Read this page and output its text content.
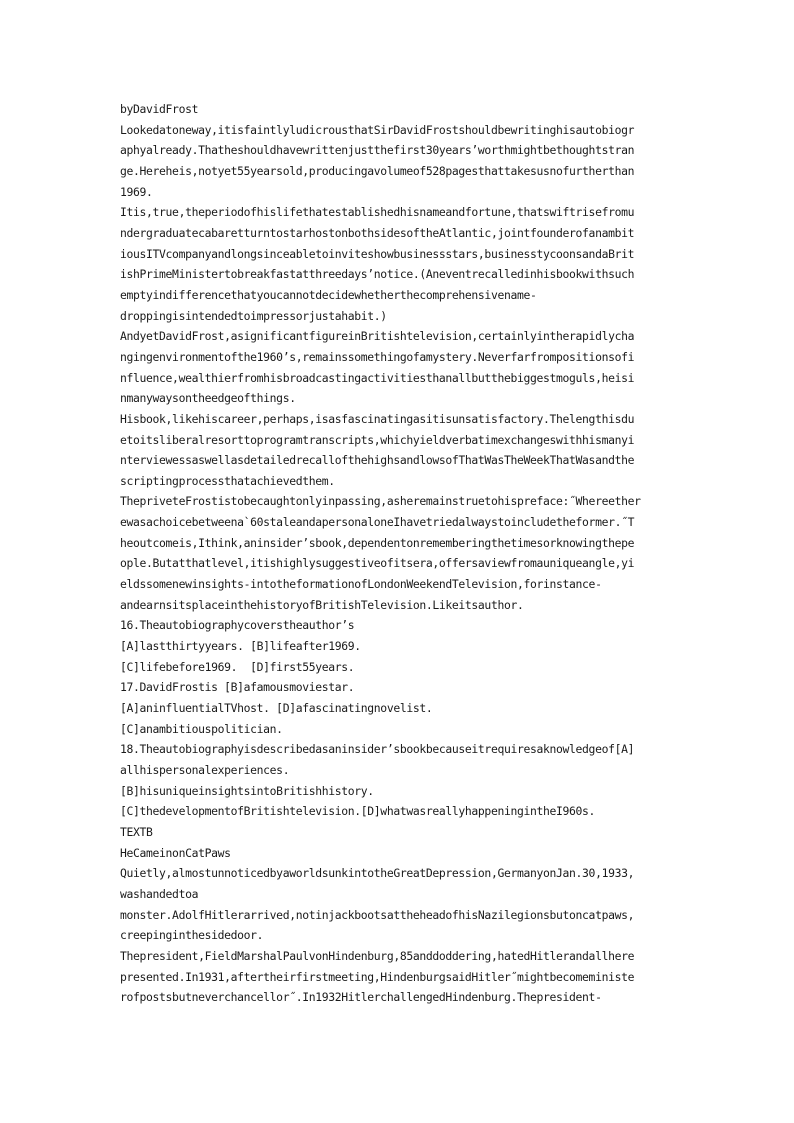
byDavidFrost
Lookedatoneway,itisfaintlyludicrousthatSirDavidFrostshouldbewritinghisautobiogr
aphyalready.Thatheshouldhavewrittenjustthefirst30years’worthmightbethoughtstran
ge.Hereheis,notyet55yearsold,producingavolumeof528pagesthattakesusnofurtherthan
1969.
Itis,true,theperiodofhislifethatestablishedhisnameandfortune,thatswiftrisefromu
ndergraduatecabaretturntostarhostonbothsidesoftheAtlantic,jointfounderofanambit
iousITVcompanyandlongsinceabletoinviteshowbusinessstars,businesstycoonsandaBrit
ishPrimeMinistertobreakfastatthreedays’notice.(Aneventrecalledinhisbookwithsuch
emptyindifferencethatyoucannotdecidewhetherthecomprehensivename-
droppingisintendedtoimpressorjustahabit.)
AndyetDavidFrost,asignificantfigureinBritishtelevision,certainlyintherapidlycha
ngingenvironmentofthe1960’s,remainssomethingofamystery.Neverfarfrompositionsofi
nfluence,wealthierfromhisbroadcastingactivitiesthanallbutthebiggestmoguls,heisi
nmanywaysontheedgeofthings.
Hisbook,likehiscareer,perhaps,isasfascinatingasitisunsatisfactory.Thelengthisdu
etoitsliberalresorttoprogramtranscripts,whichyieldverbatimexchangeswithhismanyi
nterviewessaswellasdetailedrecallofthehighsandlowsofThatWasTheWeekThatWasandthe
scriptingprocessthatachievedthem.
ThepriveteFrostistobecaughtonlyinpassing,asheremainstruetohispreface:˝Whereether
ewasachoicebetweena`60staleandapersonaloneIhavetriedalwaystoincludetheformer.˝T
heoutcomeis,Ithink,aninsider’sbook,dependentonrememberingthetimesorknowingthepe
ople.Butatthatlevel,itishighlysuggestiveofitsera,offersaviewfromauniqueangle,yi
eldssomenewinsights-intotheformationofLondonWeekendTelevision,forinstance-
andearnsitsplaceinthehistoryofBritishTelevision.Likeitsauthor.
16.Theautobiographycoverstheauthor’s
[A]lastthirtyyears. [B]lifeafter1969.
[C]lifebefore1969.  [D]first55years.
17.DavidFrostis [B]afamousmoviestar.
[A]aninfluentialTVhost. [D]afascinatingnovelist.
[C]anambitiouspolitician.
18.Theautobiographyisdescribedasaninsider’sbookbecauseitrequiresaknowledgeof[A]
allhispersonalexperiences.
[B]hisuniqueinsightsintoBritishhistory.
[C]thedevelopmentofBritishtelevision.[D]whatwasreallyhappeningintheI960s.
TEXTB
HeCameinonCatPaws
Quietly,almostunnoticedbyaworldsunkintotheGreatDepression,GermanyonJan.30,1933,
washandedtoa
monster.AdolfHitlerarrived,notinjackbootsattheheadofhisNazilegionsbutoncatpaws,
creepinginthesidedoor.
Thepresident,FieldMarshalPaulvonHindenburg,85anddoddering,hatedHitlerandallhere
presented.In1931,aftertheirfirstmeeting,HindenburgsaidHitler˝mightbecomeministe
rofpostsbutneverchancellor˝.In1932HitlerchallengedHindenburg.Thepresident-
